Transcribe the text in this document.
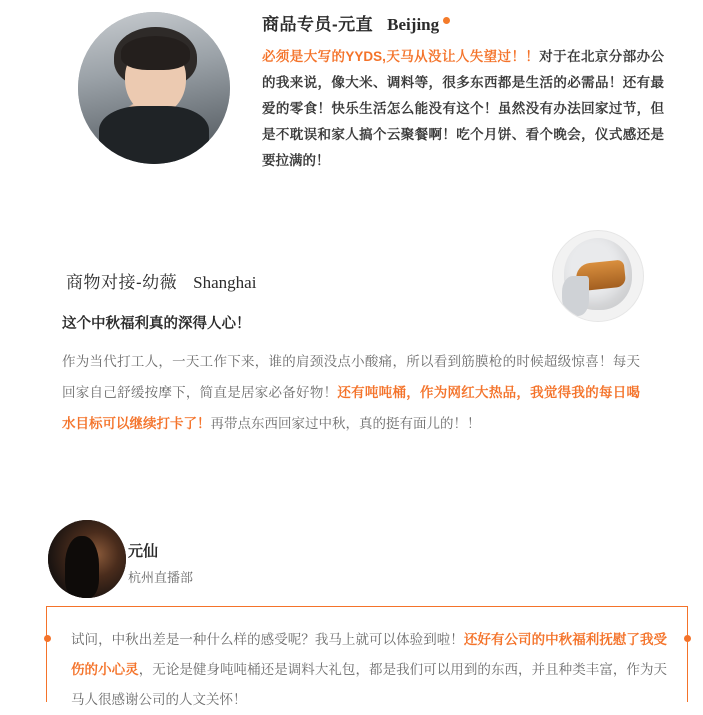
商品专员-元直 Beijing
必须是大写的YYDS,天马从没让人失望过！！对于在北京分部办公的我来说，像大米、调料等，很多东西都是生活的必需品！还有最爱的零食！快乐生活怎么能没有这个！虽然没有办法回家过节，但是不耽误和家人搞个云聚餐啊！吃个月饼、看个晚会，仪式感还是要拉满的！
商物对接-幼薇 Shanghai
这个中秋福利真的深得人心！
作为当代打工人，一天工作下来，谁的肩颈没点小酸痛，所以看到筋膜枪的时候超级惊喜！每天回家自己舒缓按摩下，简直是居家必备好物！还有吨吨桶，作为网红大热品，我觉得我的每日喝水目标可以继续打卡了！再带点东西回家过中秋，真的挺有面儿的！！
元仙
杭州直播部
试问，中秋出差是一种什么样的感受呢？我马上就可以体验到啦！还好有公司的中秋福利抚慰了我受伤的小心灵，无论是健身吨吨桶还是调料大礼包，都是我们可以用到的东西，并且种类丰富，作为天马人很感谢公司的人文关怀！
